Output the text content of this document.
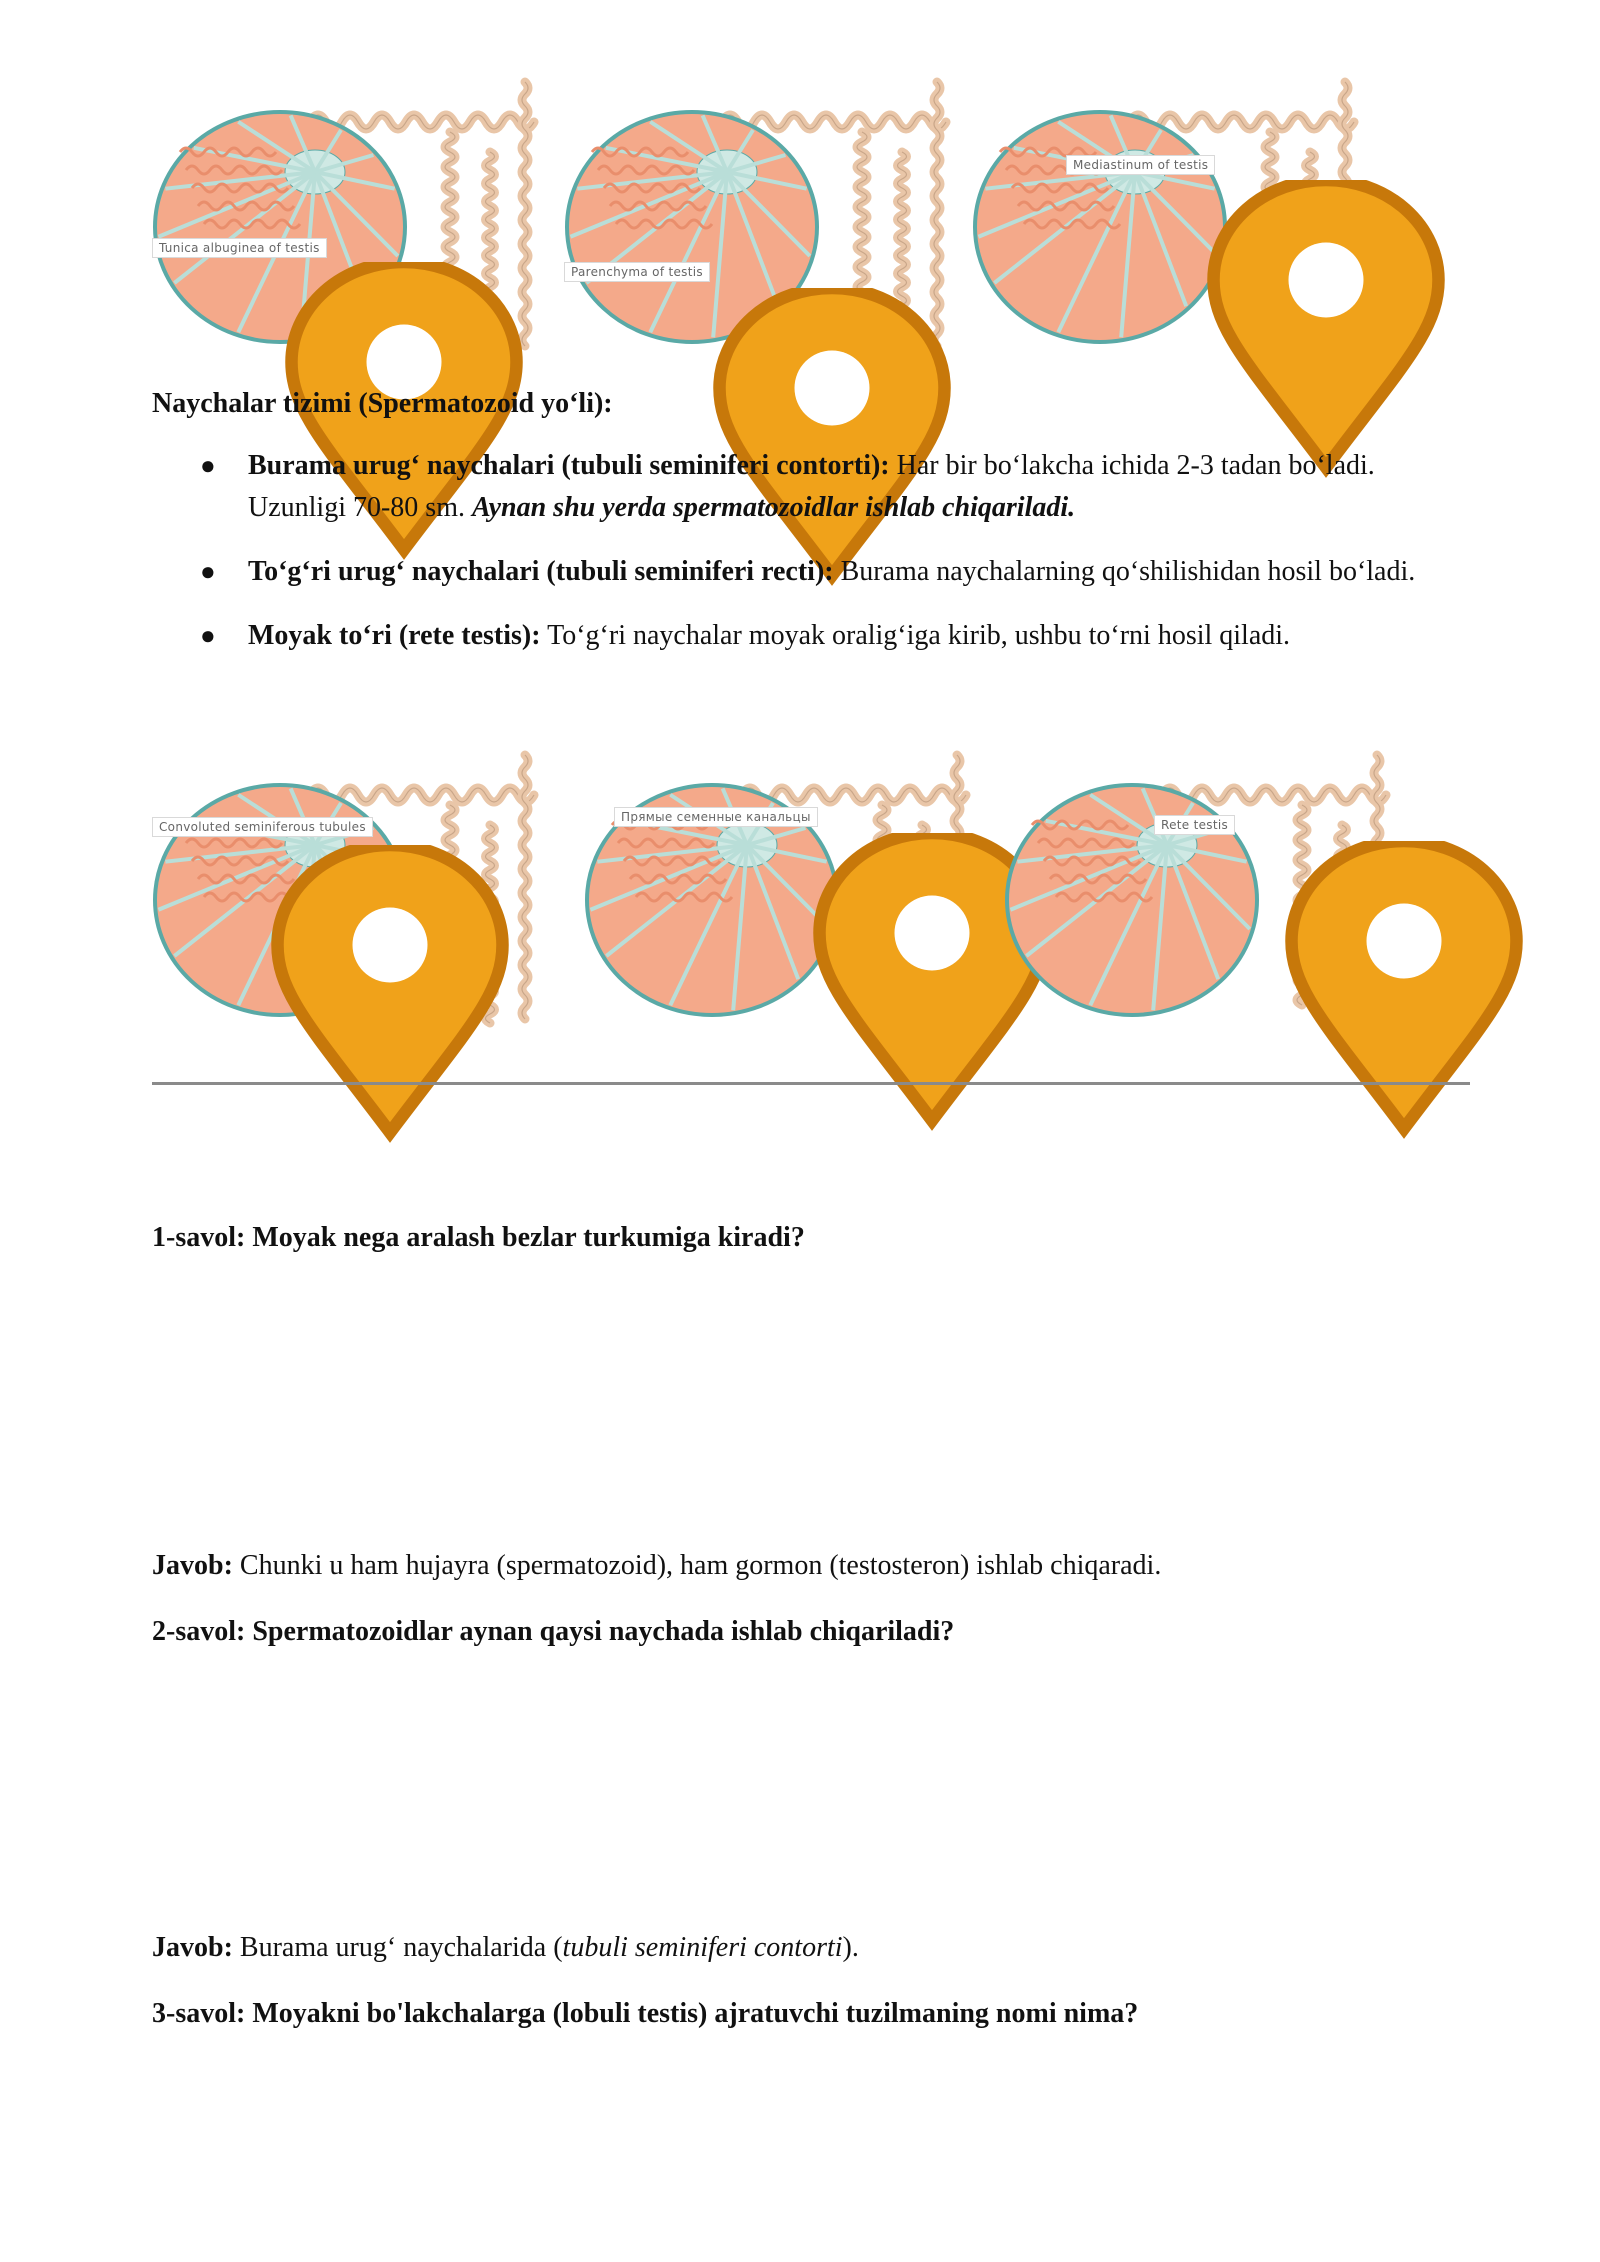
Tunica albuginea of testis
Parenchyma of testis
Mediastinum of testis
Naychalar tizimi (Spermatozoid yo‘li):
● Burama urug‘ naychalari (tubuli seminiferi contorti): Har bir bo‘lakcha ichida 2-3 tadan bo‘ladi. Uzunligi 70-80 sm. Aynan shu yerda spermatozoidlar ishlab chiqariladi.
● To‘g‘ri urug‘ naychalari (tubuli seminiferi recti): Burama naychalarning qo‘shilishidan hosil bo‘ladi.
● Moyak to‘ri (rete testis): To‘g‘ri naychalar moyak oralig‘iga kirib, ushbu to‘rni hosil qiladi.
Convoluted seminiferous tubules
Прямые семенные канальцы
Rete testis

1-savol: Moyak nega aralash bezlar turkumiga kiradi?

Javob: Chunki u ham hujayra (spermatozoid), ham gormon (testosteron) ishlab chiqaradi.

2-savol: Spermatozoidlar aynan qaysi naychada ishlab chiqariladi?

Javob: Burama urug‘ naychalarida (tubuli seminiferi contorti).

3-savol: Moyakni bo'lakchalarga (lobuli testis) ajratuvchi tuzilmaning nomi nima?
